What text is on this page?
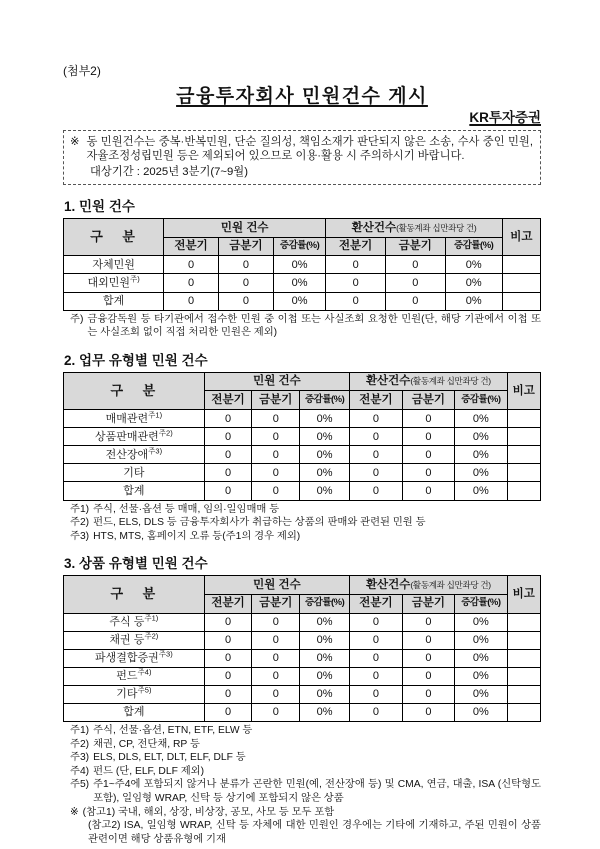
(첨부2)
금융투자회사 민원건수 게시
KR투자증권
※ 동 민원건수는 중복·반복민원, 단순 질의성, 책임소재가 판단되지 않은 소송, 수사 중인 민원, 자율조정성립민원 등은 제외되어 있으므로 이용·활용 시 주의하시기 바랍니다.
대상기간 : 2025년 3분기(7~9월)
1. 민원 건수
구 분	민원 건수			환산건수(활동계좌 십만좌당 건)			비고
	전분기	금분기	증감률(%)	전분기	금분기	증감률(%)	
자체민원	0	0	0%	0	0	0%	
대외민원$^{주)}$	0	0	0%	0	0	0%	
합계	0	0	0%	0	0	0%	
주) 금융감독원 등 타기관에서 접수한 민원 중 이첩 또는 사실조회 요청한 민원(단, 해당 기관에서 이첩 또는 사실조회 없이 직접 처리한 민원은 제외)
2. 업무 유형별 민원 건수
구 분	민원 건수			환산건수(활동계좌 십만좌당 건)			비고
	전분기	금분기	증감률(%)	전분기	금분기	증감률(%)	
매매관련$^{주1)}$	0	0	0%	0	0	0%	
상품판매관련$^{주2)}$	0	0	0%	0	0	0%	
전산장애$^{주3)}$	0	0	0%	0	0	0%	
기타	0	0	0%	0	0	0%	
합계	0	0	0%	0	0	0%	
주1) 주식, 선물·옵션 등 매매, 임의·일임매매 등
주2) 펀드, ELS, DLS 등 금융투자회사가 취급하는 상품의 판매와 관련된 민원 등
주3) HTS, MTS, 홈페이지 오류 등(주1의 경우 제외)
3. 상품 유형별 민원 건수
구 분	민원 건수			환산건수(활동계좌 십만좌당 건)			비고
	전분기	금분기	증감률(%)	전분기	금분기	증감률(%)	
주식 등$^{주1)}$	0	0	0%	0	0	0%	
채권 등$^{주2)}$	0	0	0%	0	0	0%	
파생결합증권$^{주3)}$	0	0	0%	0	0	0%	
펀드$^{주4)}$	0	0	0%	0	0	0%	
기타$^{주5)}$	0	0	0%	0	0	0%	
합계	0	0	0%	0	0	0%	
주1) 주식, 선물·옵션, ETN, ETF, ELW 등
주2) 채권, CP, 전단채, RP 등
주3) ELS, DLS, ELT, DLT, ELF, DLF 등
주4) 펀드 (단, ELF, DLF 제외)
주5) 주1~주4에 포함되지 않거나 분류가 곤란한 민원(예, 전산장애 등) 및 CMA, 연금, 대출, ISA (신탁형도 포함), 일임형 WRAP, 신탁 등 상기에 포함되지 않은 상품
※ (참고1) 국내, 해외, 상장, 비상장, 공모, 사모 등 모두 포함
(참고2) ISA, 일임형 WRAP, 신탁 등 자체에 대한 민원인 경우에는 기타에 기재하고, 주된 민원이 상품 관련이면 해당 상품유형에 기재
